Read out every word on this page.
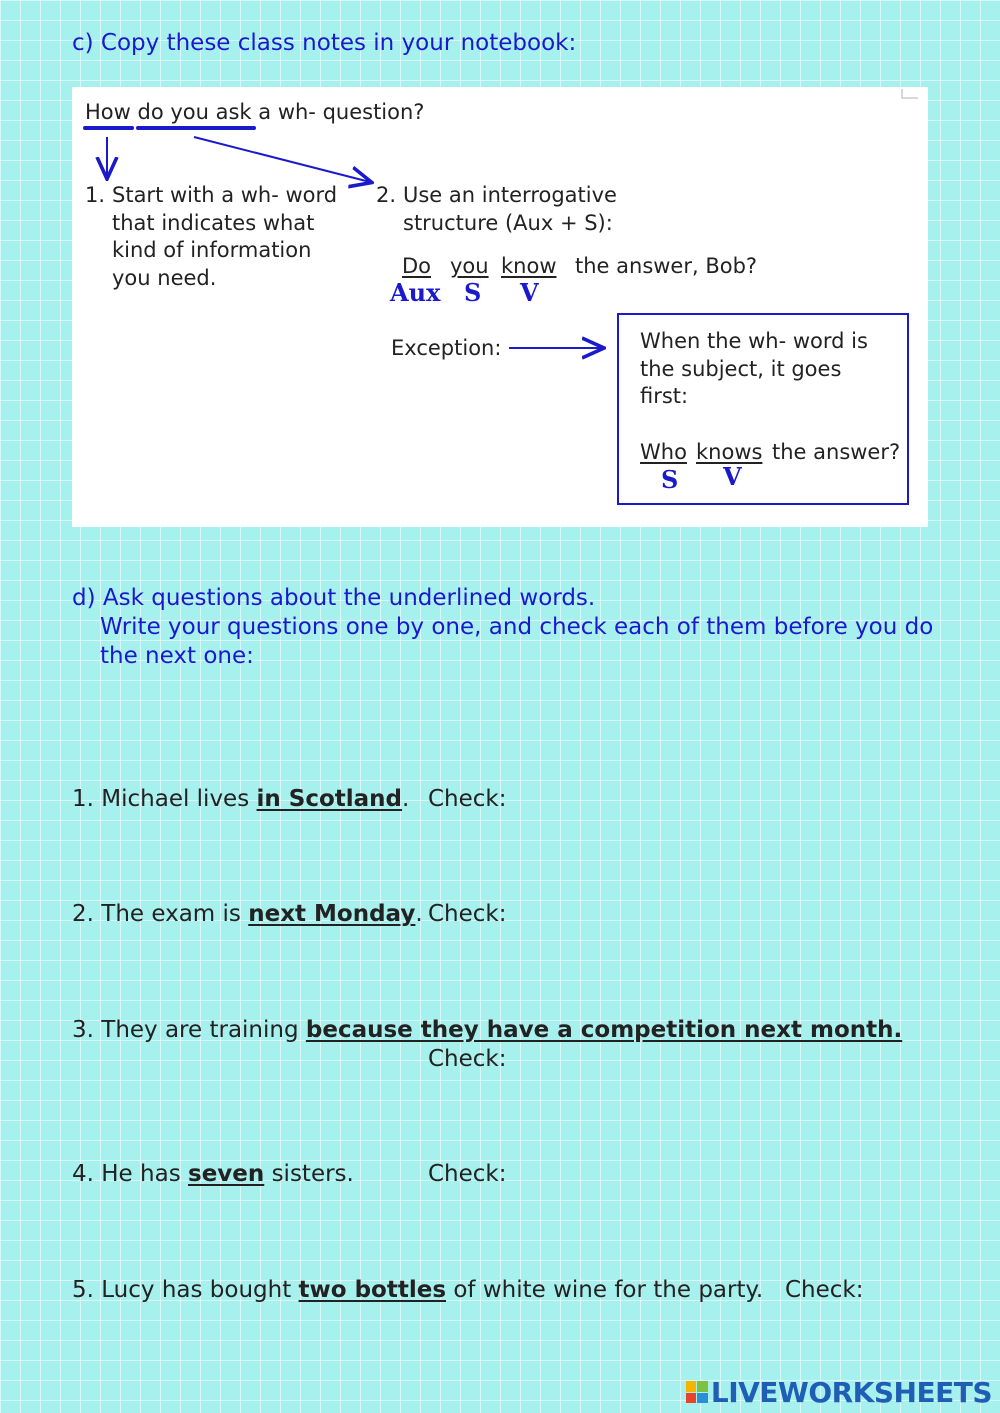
c) Copy these class notes in your notebook:
How do you ask a wh- question?
1. Start with a wh- word
that indicates what
kind of information
you need.
2. Use an interrogative
structure (Aux + S):
Do you know the answer, Bob?
Aux S V
Exception:	When the wh- word is
the subject, it goes
first:
Who knows the answer?
S V
d) Ask questions about the underlined words.
Write your questions one by one, and check each of them before you do
the next one:
1. Michael lives in Scotland. Check:
2. The exam is next Monday. Check:
3. They are training because they have a competition next month.
Check:
4. He has seven sisters.	Check:
5. Lucy has bought two bottles of white wine for the party. Check:
LIVEWORKSHEETS
